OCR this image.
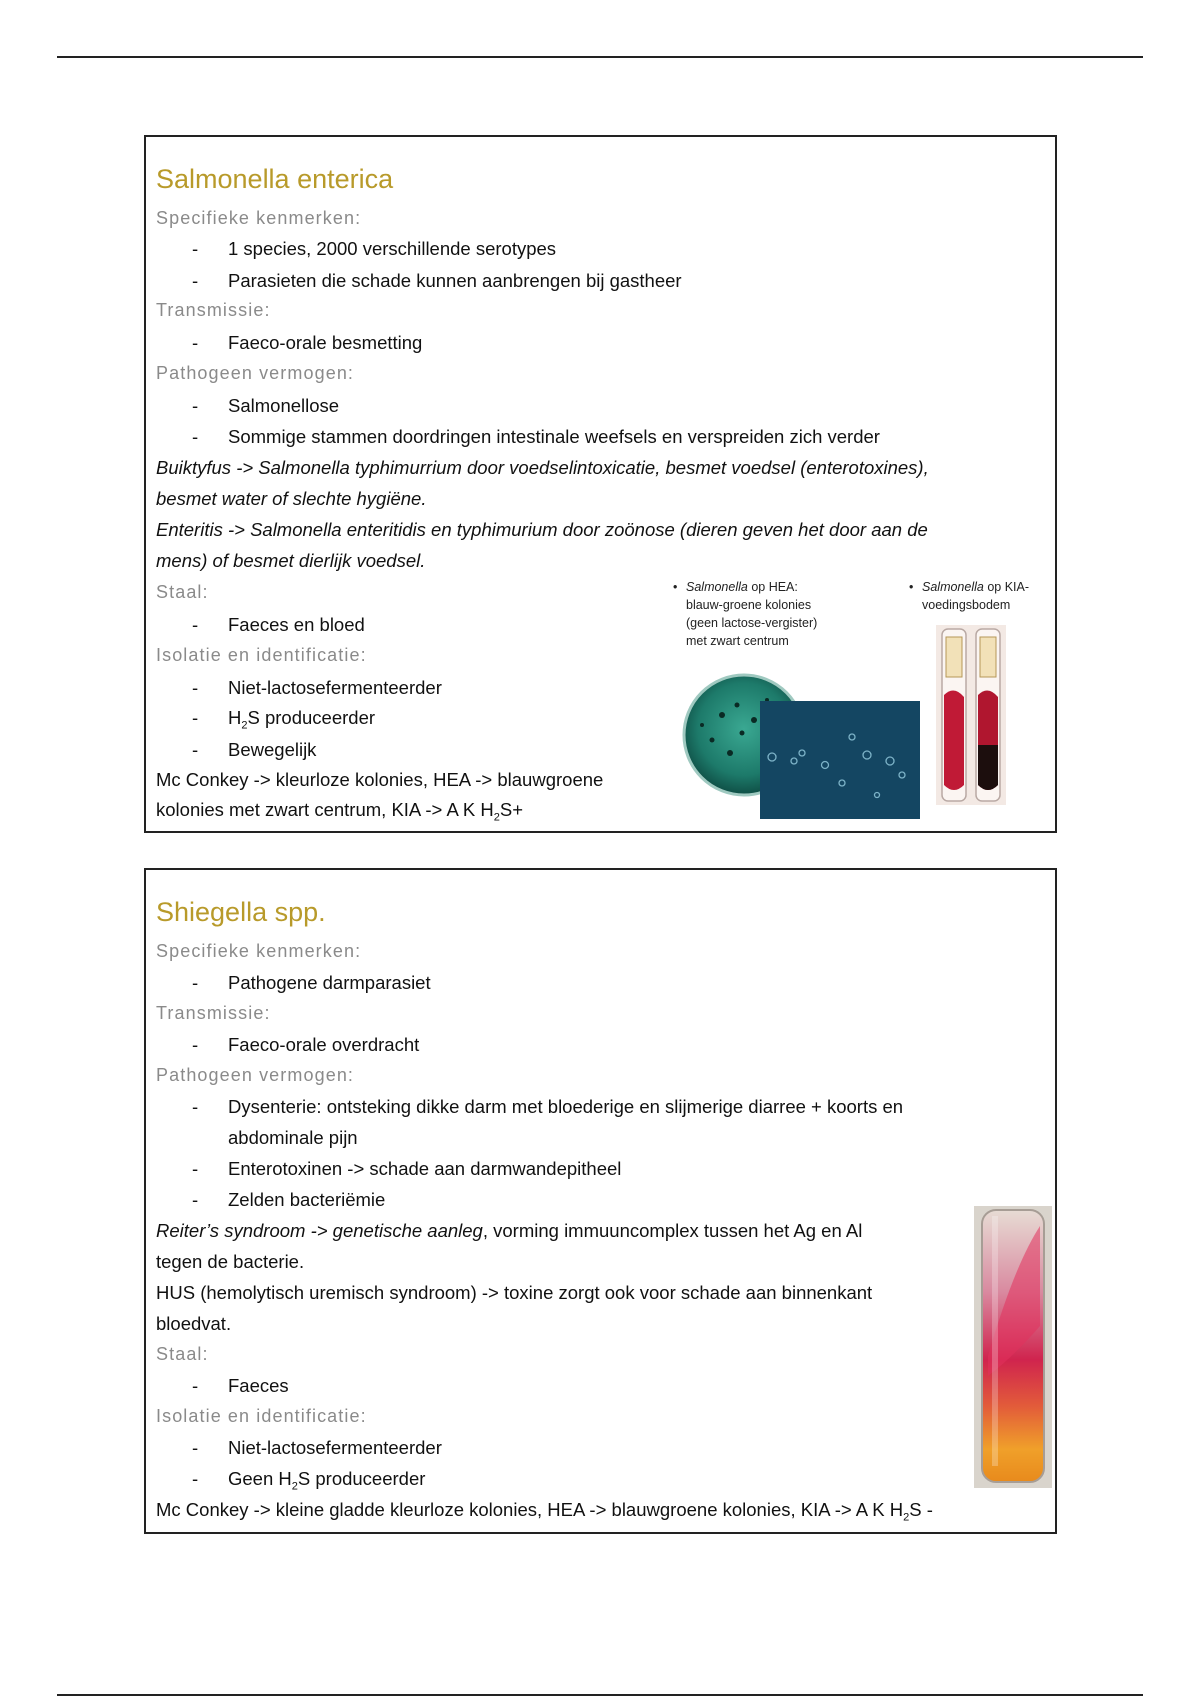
Salmonella enterica
Specifieke kenmerken:
- 1 species, 2000 verschillende serotypes
- Parasieten die schade kunnen aanbrengen bij gastheer
Transmissie:
- Faeco-orale besmetting
Pathogeen vermogen:
- Salmonellose
- Sommige stammen doordringen intestinale weefsels en verspreiden zich verder
Buiktyfus -> Salmonella typhimurrium door voedselintoxicatie, besmet voedsel (enterotoxines),
besmet water of slechte hygiëne.
Enteritis -> Salmonella enteritidis en typhimurium door zoönose (dieren geven het door aan de
mens) of besmet dierlijk voedsel.
Staal:
- Faeces en bloed
Isolatie en identificatie:
- Niet-lactosefermenteerder
- $H_2S$ produceerder
- Bewegelijk
Mc Conkey -> kleurloze kolonies, HEA -> blauwgroene
kolonies met zwart centrum, KIA -> A K $H_2S+$
• Salmonella op HEA:
blauw-groene kolonies
(geen lactose-vergister)
met zwart centrum
• Salmonella op KIA-
voedingsbodem
Shiegella spp.
Specifieke kenmerken:
- Pathogene darmparasiet
Transmissie:
- Faeco-orale overdracht
Pathogeen vermogen:
- Dysenterie: ontsteking dikke darm met bloederige en slijmerige diarree + koorts en
abdominale pijn
- Enterotoxinen -> schade aan darmwandepitheel
- Zelden bacteriëmie
Reiter’s syndroom -> genetische aanleg, vorming immuuncomplex tussen het Ag en Al
tegen de bacterie.
HUS (hemolytisch uremisch syndroom) -> toxine zorgt ook voor schade aan binnenkant
bloedvat.
Staal:
- Faeces
Isolatie en identificatie:
- Niet-lactosefermenteerder
- Geen $H_2S$ produceerder
Mc Conkey -> kleine gladde kleurloze kolonies, HEA -> blauwgroene kolonies, KIA -> A K $H_2S$ -
